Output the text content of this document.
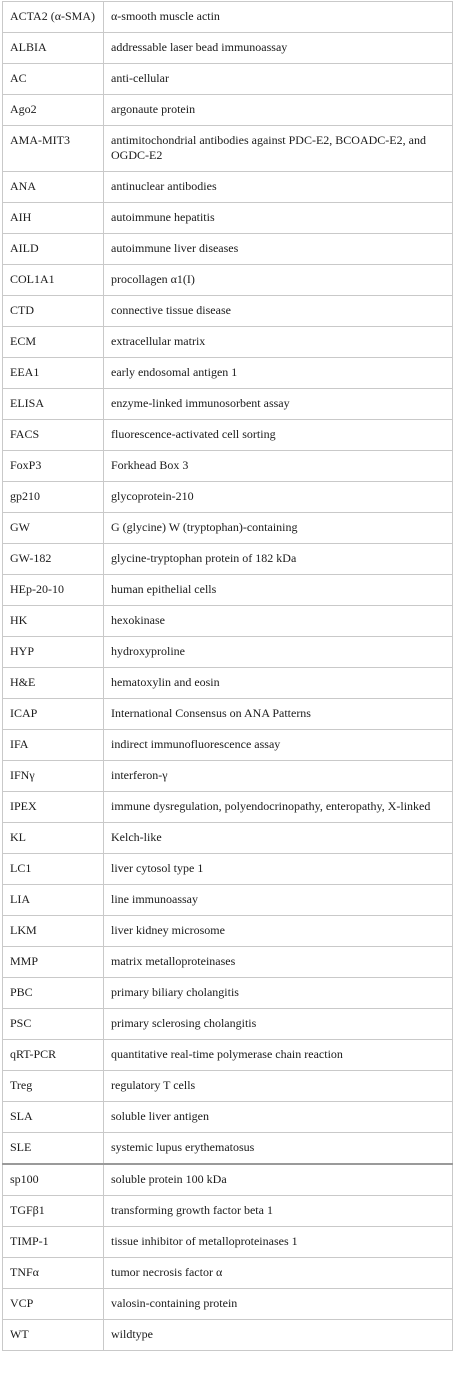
ACTA2 (α-SMA)	α-smooth muscle actin
ALBIA	addressable laser bead immunoassay
AC	anti-cellular
Ago2	argonaute protein
AMA-MIT3	antimitochondrial antibodies against PDC-E2, BCOADC-E2, and OGDC-E2
ANA	antinuclear antibodies
AIH	autoimmune hepatitis
AILD	autoimmune liver diseases
COL1A1	procollagen α1(I)
CTD	connective tissue disease
ECM	extracellular matrix
EEA1	early endosomal antigen 1
ELISA	enzyme-linked immunosorbent assay
FACS	fluorescence-activated cell sorting
FoxP3	Forkhead Box 3
gp210	glycoprotein-210
GW	G (glycine) W (tryptophan)-containing
GW-182	glycine-tryptophan protein of 182 kDa
HEp-20-10	human epithelial cells
HK	hexokinase
HYP	hydroxyproline
H&E	hematoxylin and eosin
ICAP	International Consensus on ANA Patterns
IFA	indirect immunofluorescence assay
IFNγ	interferon-γ
IPEX	immune dysregulation, polyendocrinopathy, enteropathy, X-linked
KL	Kelch-like
LC1	liver cytosol type 1
LIA	line immunoassay
LKM	liver kidney microsome
MMP	matrix metalloproteinases
PBC	primary biliary cholangitis
PSC	primary sclerosing cholangitis
qRT-PCR	quantitative real-time polymerase chain reaction
Treg	regulatory T cells
SLA	soluble liver antigen
SLE	systemic lupus erythematosus
sp100	soluble protein 100 kDa
TGFβ1	transforming growth factor beta 1
TIMP-1	tissue inhibitor of metalloproteinases 1
TNFα	tumor necrosis factor α
VCP	valosin-containing protein
WT	wildtype
